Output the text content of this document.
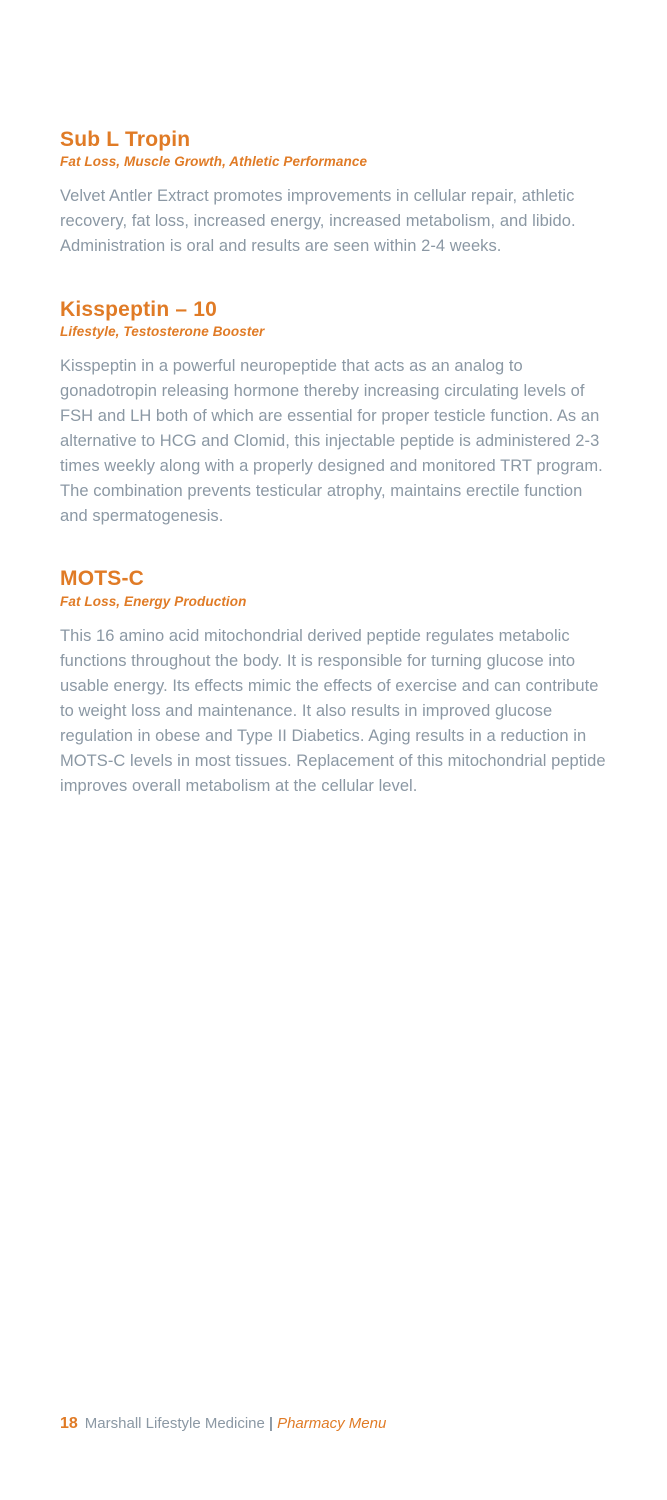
Sub L Tropin
Fat Loss, Muscle Growth, Athletic Performance

Velvet Antler Extract promotes improvements in cellular repair, athletic recovery, fat loss, increased energy, increased metabolism, and libido. Administration is oral and results are seen within 2-4 weeks.

Kisspeptin – 10
Lifestyle, Testosterone Booster

Kisspeptin in a powerful neuropeptide that acts as an analog to gonadotropin releasing hormone thereby increasing circulating levels of FSH and LH both of which are essential for proper testicle function. As an alternative to HCG and Clomid, this injectable peptide is administered 2-3 times weekly along with a properly designed and monitored TRT program. The combination prevents testicular atrophy, maintains erectile function and spermatogenesis.

MOTS-C
Fat Loss, Energy Production

This 16 amino acid mitochondrial derived peptide regulates metabolic functions throughout the body. It is responsible for turning glucose into usable energy. Its effects mimic the effects of exercise and can contribute to weight loss and maintenance. It also results in improved glucose regulation in obese and Type II Diabetics. Aging results in a reduction in MOTS-C levels in most tissues. Replacement of this mitochondrial peptide improves overall metabolism at the cellular level.

18 Marshall Lifestyle Medicine | Pharmacy Menu
